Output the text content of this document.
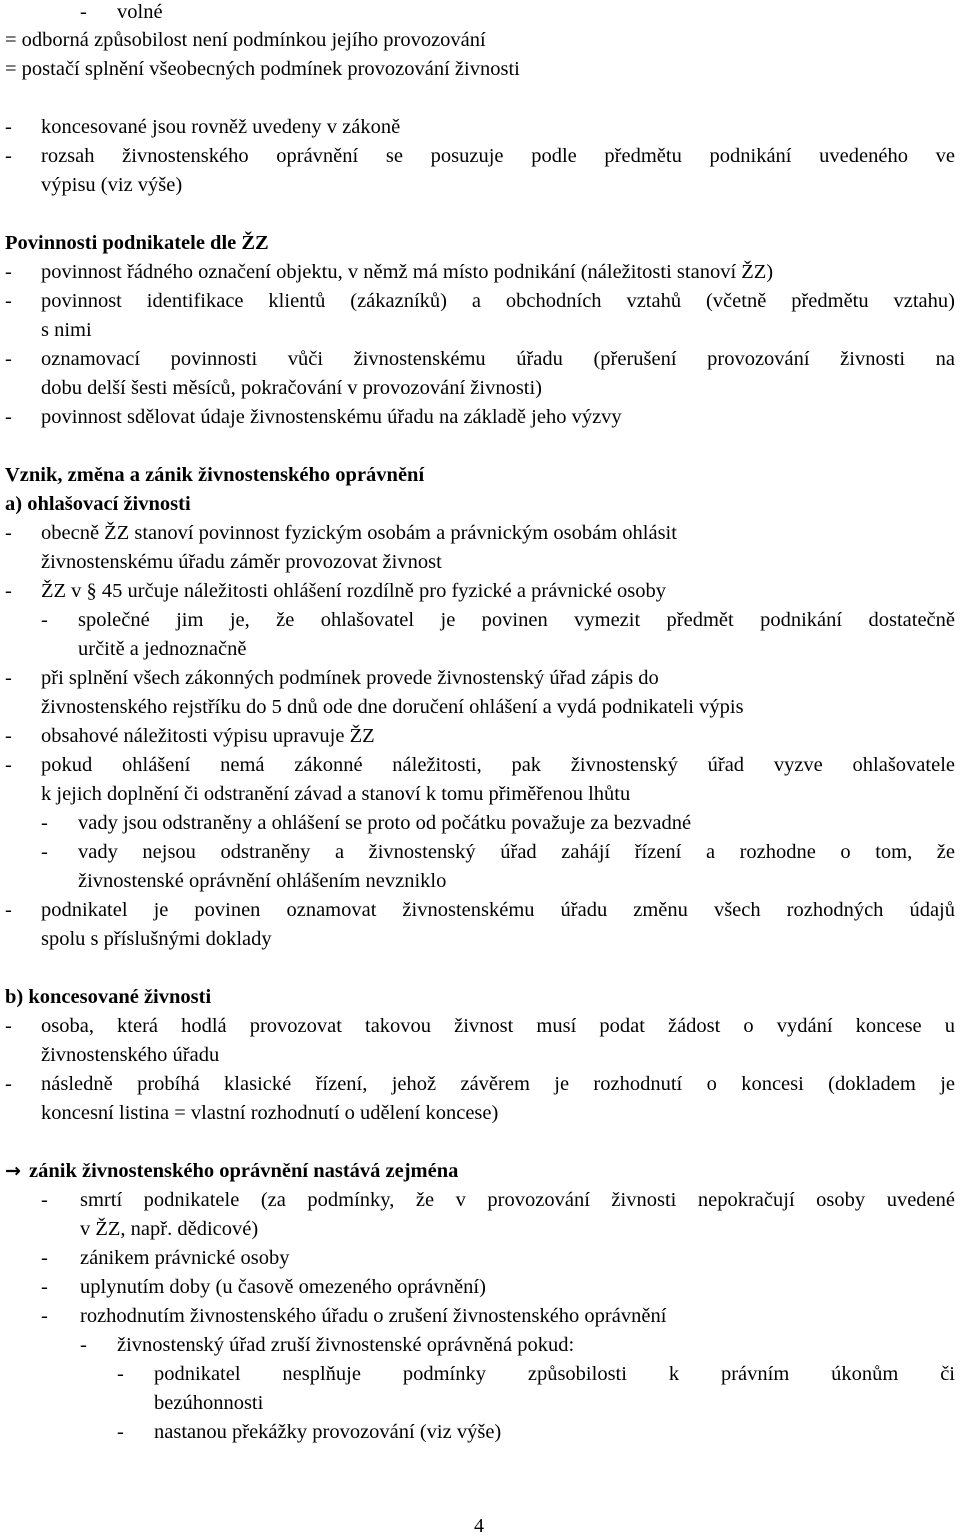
- volné
= odborná způsobilost není podmínkou jejího provozování
= postačí splnění všeobecných podmínek provozování živnosti
- koncesované jsou rovněž uvedeny v zákoně
- rozsah živnostenského oprávnění se posuzuje podle předmětu podnikání uvedeného ve
výpisu (viz výše)
Povinnosti podnikatele dle ŽZ
- povinnost řádného označení objektu, v němž má místo podnikání (náležitosti stanoví ŽZ)
- povinnost identifikace klientů (zákazníků) a obchodních vztahů (včetně předmětu vztahu)
s nimi
- oznamovací povinnosti vůči živnostenskému úřadu (přerušení provozování živnosti na
dobu delší šesti měsíců, pokračování v provozování živnosti)
- povinnost sdělovat údaje živnostenskému úřadu na základě jeho výzvy
Vznik, změna a zánik živnostenského oprávnění
a) ohlašovací živnosti
- obecně ŽZ stanoví povinnost fyzickým osobám a právnickým osobám ohlásit
živnostenskému úřadu záměr provozovat živnost
- ŽZ v § 45 určuje náležitosti ohlášení rozdílně pro fyzické a právnické osoby
- společné jim je, že ohlašovatel je povinen vymezit předmět podnikání dostatečně
určitě a jednoznačně
- při splnění všech zákonných podmínek provede živnostenský úřad zápis do
živnostenského rejstříku do 5 dnů ode dne doručení ohlášení a vydá podnikateli výpis
- obsahové náležitosti výpisu upravuje ŽZ
- pokud ohlášení nemá zákonné náležitosti, pak živnostenský úřad vyzve ohlašovatele
k jejich doplnění či odstranění závad a stanoví k tomu přiměřenou lhůtu
- vady jsou odstraněny a ohlášení se proto od počátku považuje za bezvadné
- vady nejsou odstraněny a živnostenský úřad zahájí řízení a rozhodne o tom, že
živnostenské oprávnění ohlášením nevzniklo
- podnikatel je povinen oznamovat živnostenskému úřadu změnu všech rozhodných údajů
spolu s příslušnými doklady
b) koncesované živnosti
- osoba, která hodlá provozovat takovou živnost musí podat žádost o vydání koncese u
živnostenského úřadu
- následně probíhá klasické řízení, jehož závěrem je rozhodnutí o koncesi (dokladem je
koncesní listina = vlastní rozhodnutí o udělení koncese)
→ zánik živnostenského oprávnění nastává zejména
- smrtí podnikatele (za podmínky, že v provozování živnosti nepokračují osoby uvedené
v ŽZ, např. dědicové)
- zánikem právnické osoby
- uplynutím doby (u časově omezeného oprávnění)
- rozhodnutím živnostenského úřadu o zrušení živnostenského oprávnění
- živnostenský úřad zruší živnostenské oprávněná pokud:
- podnikatel nesplňuje podmínky způsobilosti k právním úkonům či
bezúhonnosti
- nastanou překážky provozování (viz výše)
4
